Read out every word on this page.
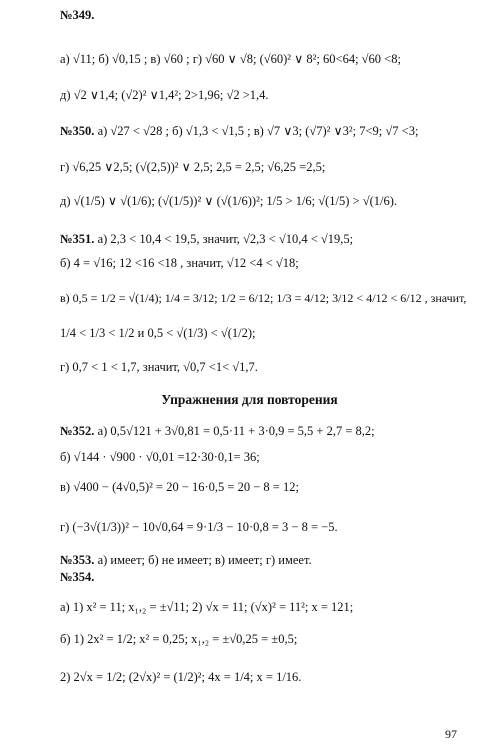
№349.
а) √11; б) √0,15 ; в) √60 ; г) √60 ∨ √8; (√60)² ∨ 8²; 60<64; √60 <8;
д) √2 ∨1,4; (√2)² ∨1,4²; 2>1,96; √2 >1,4.
№350. а) √27 < √28 ; б) √1,3 < √1,5 ; в) √7 ∨3; (√7)² ∨3²; 7<9; √7 <3;
г) √6,25 ∨2,5; (√(2,5))² ∨ 2,5; 2,5 = 2,5; √6,25 =2,5;
д) √(1/5) ∨ √(1/6); (√(1/5))² ∨ (√(1/6))²; 1/5 > 1/6; √(1/5) > √(1/6).
№351. а) 2,3 < 10,4 < 19,5, значит, √2,3 < √10,4 < √19,5;
б) 4 = √16; 12 <16 <18 , значит, √12 <4 < √18;
в) 0,5 = 1/2 = √(1/4); 1/4 = 3/12; 1/2 = 6/12; 1/3 = 4/12; 3/12 < 4/12 < 6/12 , значит,
1/4 < 1/3 < 1/2 и 0,5 < √(1/3) < √(1/2);
г) 0,7 < 1 < 1,7, значит, √0,7 <1< √1,7.
Упражнения для повторения
№352. а) 0,5√121 + 3√0,81 = 0,5·11 + 3·0,9 = 5,5 + 2,7 = 8,2;
б) √144 · √900 · √0,01 =12·30·0,1= 36;
в) √400 − (4√0,5)² = 20 − 16·0,5 = 20 − 8 = 12;
г) (−3√(1/3))² − 10√0,64 = 9·1/3 − 10·0,8 = 3 − 8 = −5.
№353. а) имеет; б) не имеет; в) имеет; г) имеет.
№354.
а) 1) x² = 11; x₁,₂ = ±√11; 2) √x = 11; (√x)² = 11²; x = 121;
б) 1) 2x² = 1/2; x² = 0,25; x₁,₂ = ±√0,25 = ±0,5;
2) 2√x = 1/2; (2√x)² = (1/2)²; 4x = 1/4; x = 1/16.
97
